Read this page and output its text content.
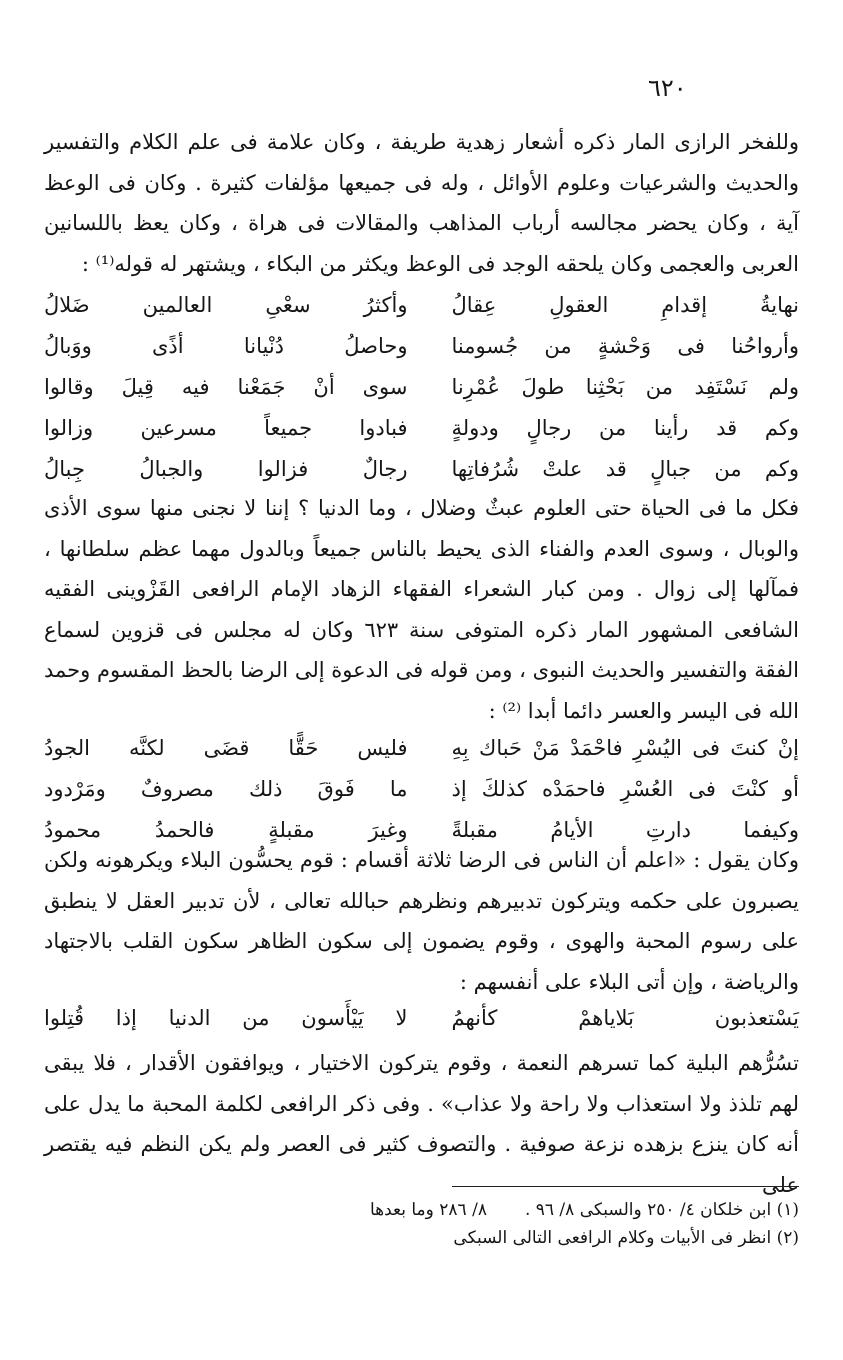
٦٢٠

وللفخر الرازى المار ذكره أشعار زهدية طريفة ، وكان علامة فى علم الكلام والتفسير والحديث والشرعيات وعلوم الأوائل ، وله فى جميعها مؤلفات كثيرة . وكان فى الوعظ آية ، وكان يحضر مجالسه أرباب المذاهب والمقالات فى هراة ، وكان يعظ باللسانين العربى والعجمى وكان يلحقه الوجد فى الوعظ ويكثر من البكاء ، ويشتهر له قوله⁽¹⁾ :

نهايةُ إقدامِ العقولِ عِقالُ
وأكثرُ سعْىِ العالمين ضَلالُ
وأرواحُنا فى وَحْشةٍ من جُسومنا
وحاصلُ دُنْيانا أذًى ووَبالُ
ولم نَسْتَفِد من بَحْثِنا طولَ عُمْرِنا
سوى أنْ جَمَعْنا فيه قِيلَ وقالوا
وكم قد رأينا من رجالٍ ودولةٍ
فبادوا جميعاً مسرعين وزالوا
وكم من جبالٍ قد علتْ شُرُفاتِها
رجالٌ فزالوا والجبالُ جِبالُ

فكل ما فى الحياة حتى العلوم عبثٌ وضلال ، وما الدنيا ؟ إننا لا نجنى منها سوى الأذى والوبال ، وسوى العدم والفناء الذى يحيط بالناس جميعاً وبالدول مهما عظم سلطانها ، فمآلها إلى زوال . ومن كبار الشعراء الفقهاء الزهاد الإمام الرافعى القَزْوينى الفقيه الشافعى المشهور المار ذكره المتوفى سنة ٦٢٣ وكان له مجلس فى قزوين لسماع الفقة والتفسير والحديث النبوى ، ومن قوله فى الدعوة إلى الرضا بالحظ المقسوم وحمد الله فى اليسر والعسر دائما أبدا ⁽²⁾ :

إنْ كنتَ فى اليُسْرِ فاحْمَدْ مَنْ حَباك بِهِ
فليس حَقًّا قضَى لكنَّه الجودُ
أو كنْتَ فى العُسْرِ فاحمَدْه كذلكَ إذ
ما فَوقَ ذلك مصروفٌ ومَرْدود
وكيفما دارتِ الأيامُ مقبلةً
وغيرَ مقبلةٍ فالحمدُ محمودُ

وكان يقول : «اعلم أن الناس فى الرضا ثلاثة أقسام : قوم يحسُّون البلاء ويكرهونه ولكن يصبرون على حكمه ويتركون تدبيرهم ونظرهم حبالله تعالى ، لأن تدبير العقل لا ينطبق على رسوم المحبة والهوى ، وقوم يضمون إلى سكون الظاهر سكون القلب بالاجتهاد والرياضة ، وإن أتى البلاء على أنفسهم :

يَسْتعذبون بَلاياهمْ كأنهمُ
لا يَيْأَسون من الدنيا إذا قُتِلوا

تسُرُّهم البلية كما تسرهم النعمة ، وقوم يتركون الاختيار ، ويوافقون الأقدار ، فلا يبقى لهم تلذذ ولا استعذاب ولا راحة ولا عذاب» . وفى ذكر الرافعى لكلمة المحبة ما يدل على أنه كان ينزع بزهده نزعة صوفية . والتصوف كثير فى العصر ولم يكن النظم فيه يقتصر على

(١) ابن خلكان ٤/ ٢٥٠ والسبكى ٨/ ٩٦ .٨/ ٢٨٦ وما بعدها
(٢) انظر فى الأبيات وكلام الرافعى التالى السبكى
